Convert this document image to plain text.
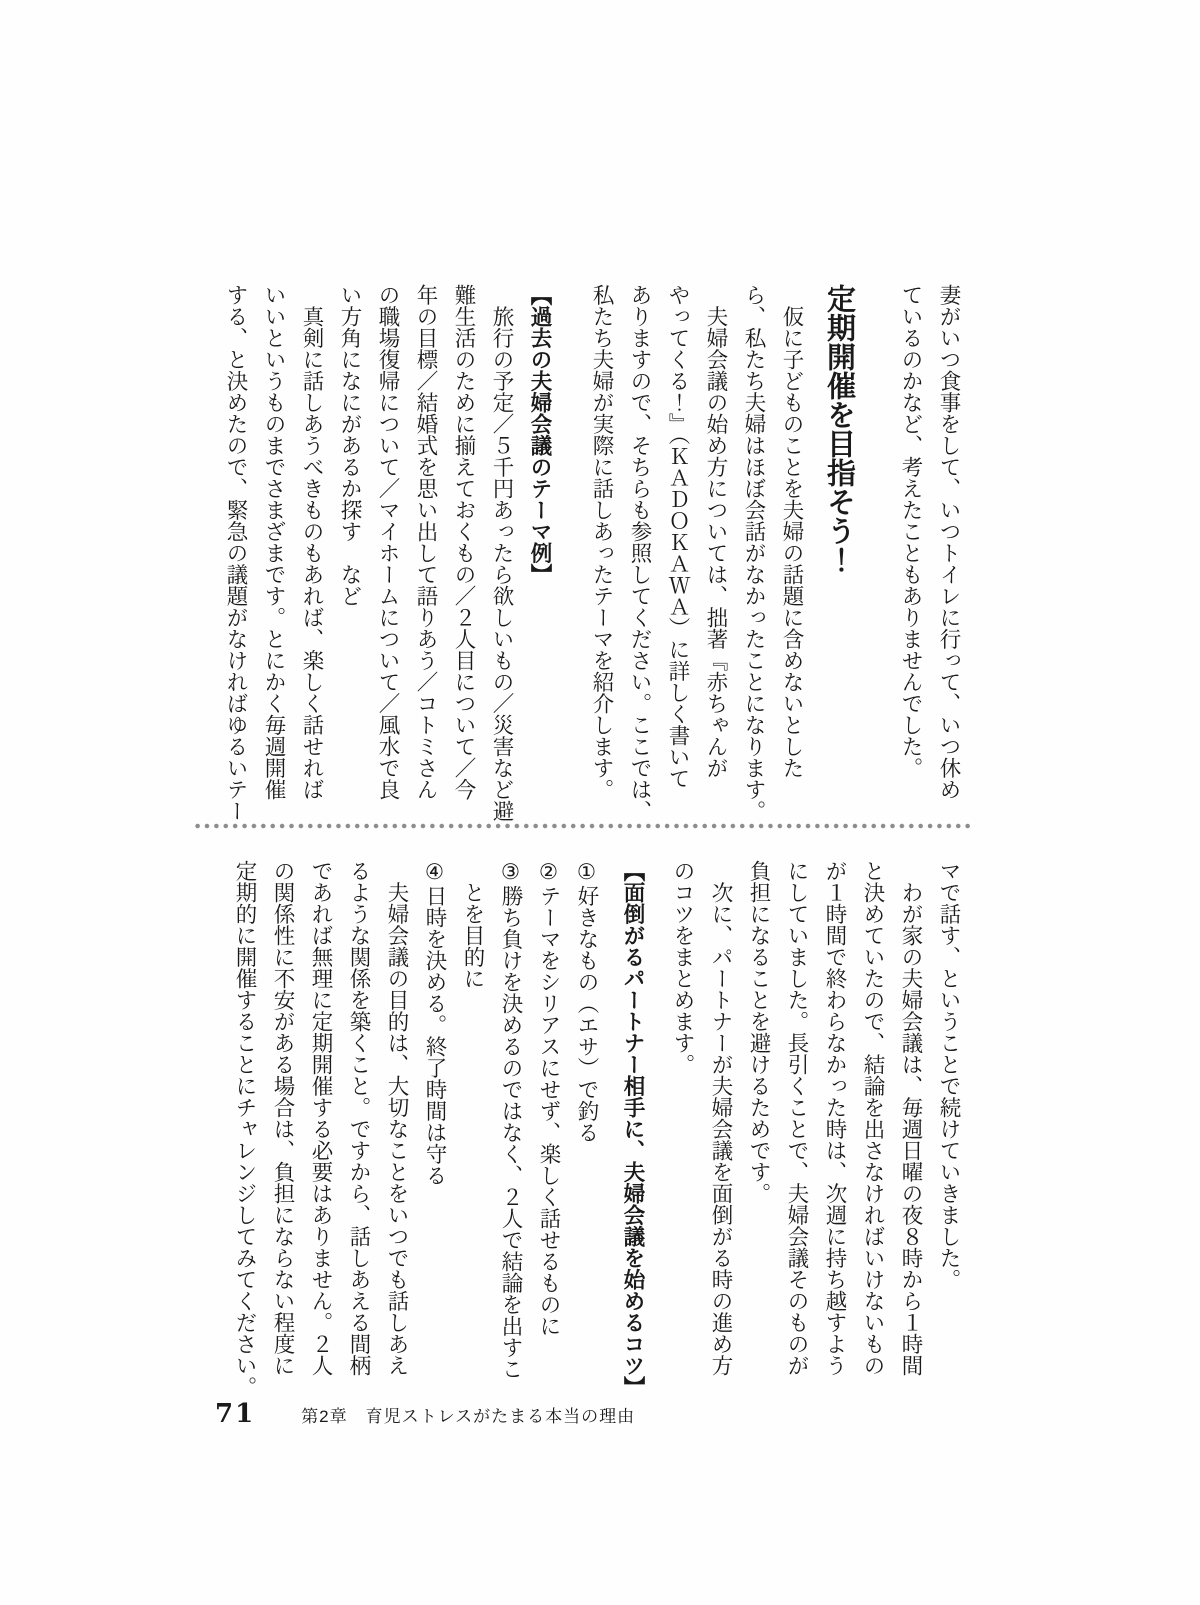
妻がいつ食事をして、いつトイレに行って、いつ休め
ているのかなど、考えたこともありませんでした。
定期開催を目指そう！
　仮に子どものことを夫婦の話題に含めないとした
ら、私たち夫婦はほぼ会話がなかったことになります。
　夫婦会議の始め方については、拙著『赤ちゃんが
やってくる！』（ＫＡＤＯＫＡＷＡ）に詳しく書いて
ありますので、そちらも参照してください。ここでは、
私たち夫婦が実際に話しあったテーマを紹介します。
【過去の夫婦会議のテーマ例】
　旅行の予定／５千円あったら欲しいもの／災害など避
難生活のために揃えておくもの／２人目について／今
年の目標／結婚式を思い出して語りあう／コトミさん
の職場復帰について／マイホームについて／風水で良
い方角になにがあるか探す　など
　真剣に話しあうべきものもあれば、楽しく話せれば
いいというものまでさまざまです。とにかく毎週開催
する、と決めたので、緊急の議題がなければゆるいテー
マで話す、ということで続けていきました。
　わが家の夫婦会議は、毎週日曜の夜８時から１時間
と決めていたので、結論を出さなければいけないもの
が１時間で終わらなかった時は、次週に持ち越すよう
にしていました。長引くことで、夫婦会議そのものが
負担になることを避けるためです。
　次に、パートナーが夫婦会議を面倒がる時の進め方
のコツをまとめます。
【面倒がるパートナー相手に、夫婦会議を始めるコツ】
①好きなもの（エサ）で釣る
②テーマをシリアスにせず、楽しく話せるものに
③勝ち負けを決めるのではなく、２人で結論を出すこ
　とを目的に
④日時を決める。終了時間は守る
　夫婦会議の目的は、大切なことをいつでも話しあえ
るような関係を築くこと。ですから、話しあえる間柄
であれば無理に定期開催する必要はありません。２人
の関係性に不安がある場合は、負担にならない程度に
定期的に開催することにチャレンジしてみてください。
71	第2章　育児ストレスがたまる本当の理由
